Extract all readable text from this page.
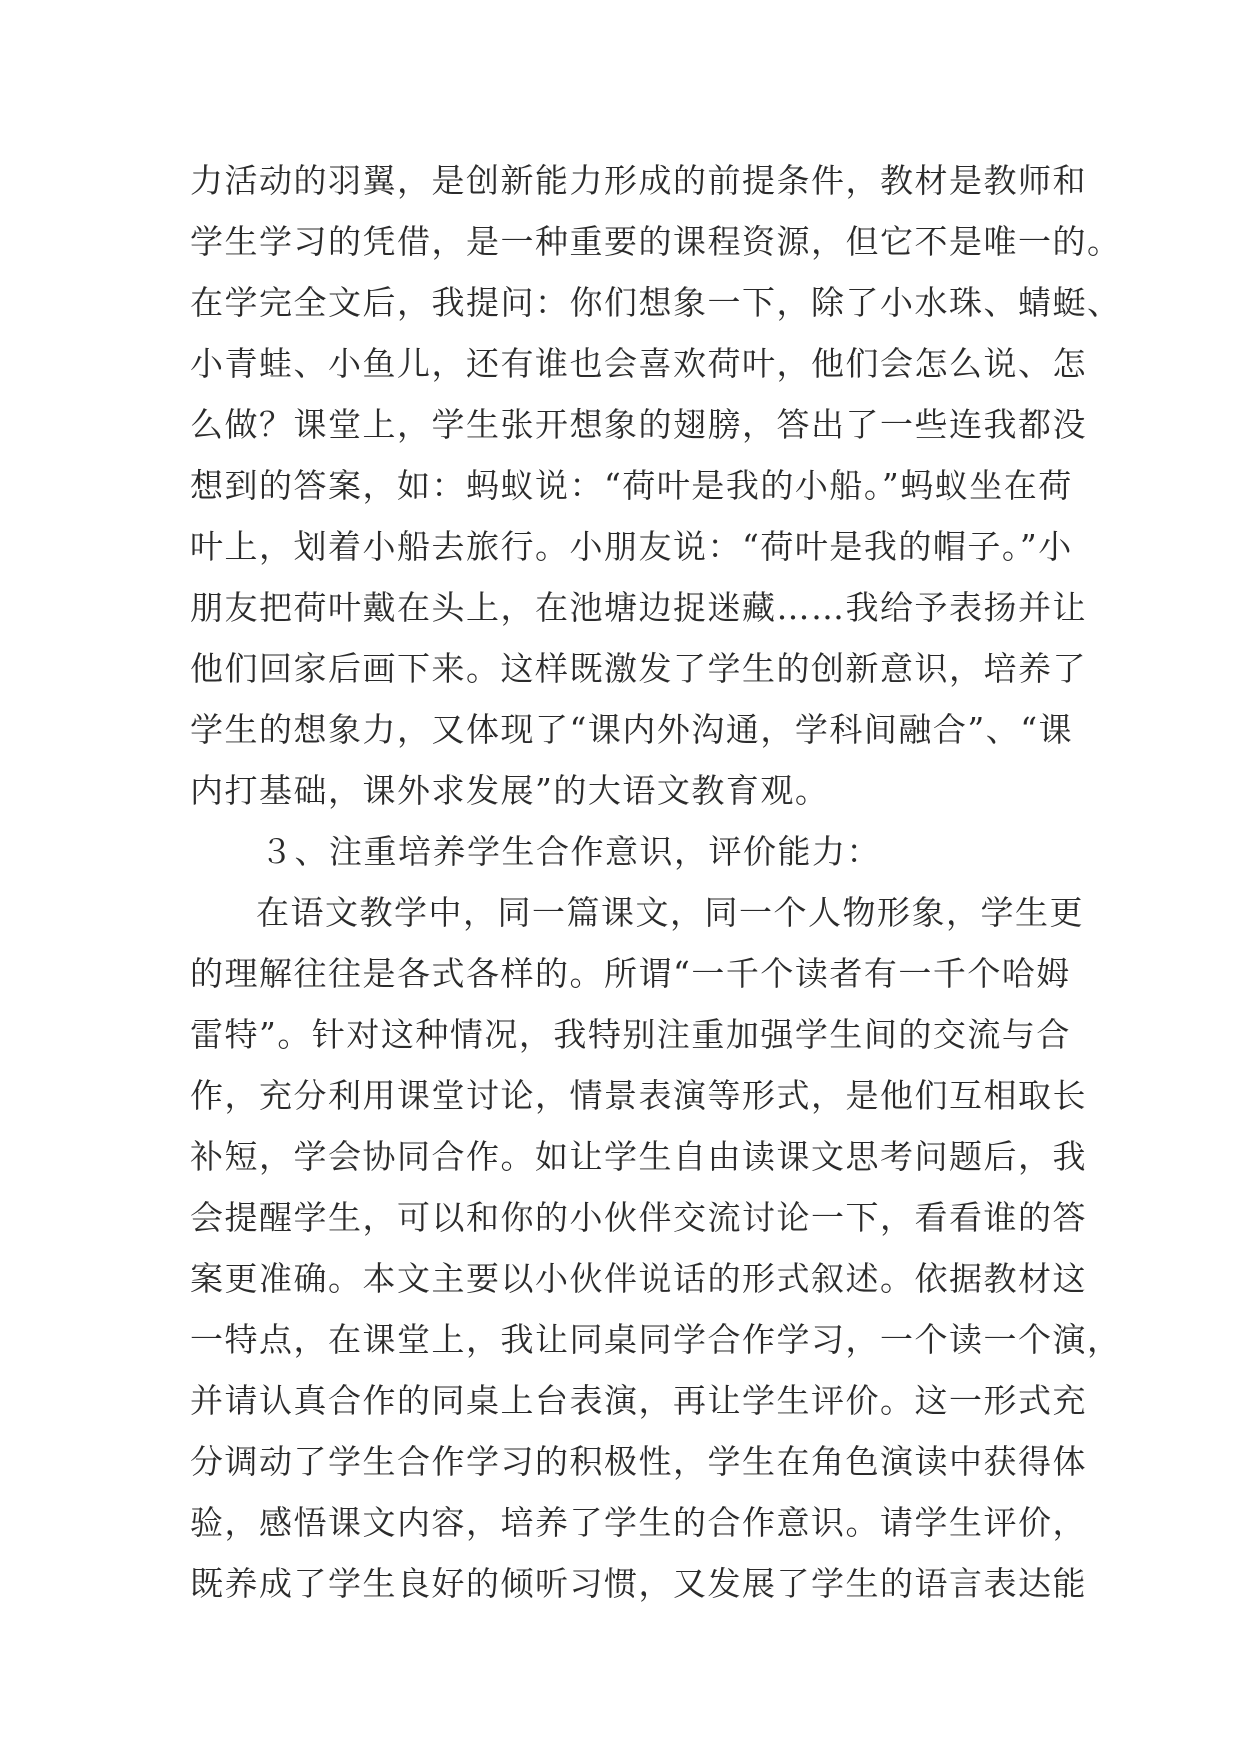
力活动的羽翼，是创新能力形成的前提条件，教材是教师和
学生学习的凭借，是一种重要的课程资源，但它不是唯一的。
在学完全文后，我提问：你们想象一下，除了小水珠、蜻蜓、
小青蛙、小鱼儿，还有谁也会喜欢荷叶，他们会怎么说、怎
么做？课堂上，学生张开想象的翅膀，答出了一些连我都没
想到的答案，如：蚂蚁说：“荷叶是我的小船。”蚂蚁坐在荷
叶上，划着小船去旅行。小朋友说：“荷叶是我的帽子。”小
朋友把荷叶戴在头上，在池塘边捉迷藏……我给予表扬并让
他们回家后画下来。这样既激发了学生的创新意识，培养了
学生的想象力，又体现了“课内外沟通，学科间融合”、“课
内打基础，课外求发展”的大语文教育观。
３、注重培养学生合作意识，评价能力：
在语文教学中，同一篇课文，同一个人物形象，学生更
的理解往往是各式各样的。所谓“一千个读者有一千个哈姆
雷特”。针对这种情况，我特别注重加强学生间的交流与合
作，充分利用课堂讨论，情景表演等形式，是他们互相取长
补短，学会协同合作。如让学生自由读课文思考问题后，我
会提醒学生，可以和你的小伙伴交流讨论一下，看看谁的答
案更准确。本文主要以小伙伴说话的形式叙述。依据教材这
一特点，在课堂上，我让同桌同学合作学习，一个读一个演，
并请认真合作的同桌上台表演，再让学生评价。这一形式充
分调动了学生合作学习的积极性，学生在角色演读中获得体
验，感悟课文内容，培养了学生的合作意识。请学生评价，
既养成了学生良好的倾听习惯，又发展了学生的语言表达能
